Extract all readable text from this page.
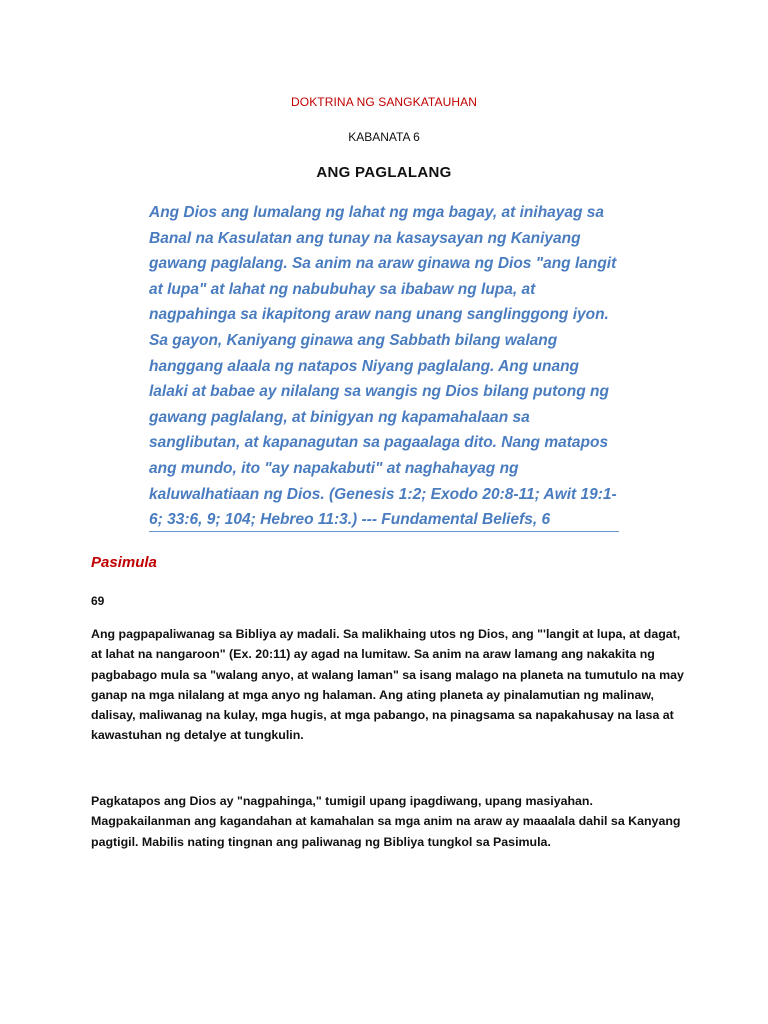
DOKTRINA NG SANGKATAUHAN
KABANATA 6
ANG PAGLALANG
Ang Dios ang lumalang ng lahat ng mga bagay, at inihayag sa Banal na Kasulatan ang tunay na kasaysayan ng Kaniyang gawang paglalang. Sa anim na araw ginawa ng Dios "ang langit at lupa" at lahat ng nabubuhay sa ibabaw ng lupa, at nagpahinga sa ikapitong araw nang unang sanglinggong iyon. Sa gayon, Kaniyang ginawa ang Sabbath bilang walang hanggang alaala ng natapos Niyang paglalang. Ang unang lalaki at babae ay nilalang sa wangis ng Dios bilang putong ng gawang paglalang, at binigyan ng kapamahalaan sa sanglibutan, at kapanagutan sa pagaalaga dito. Nang matapos ang mundo, ito "ay napakabuti" at naghahayag ng kaluwalhatiaan ng Dios. (Genesis 1:2; Exodo 20:8-11; Awit 19:1-6; 33:6, 9; 104; Hebreo 11:3.) --- Fundamental Beliefs, 6
Pasimula
69
Ang pagpapaliwanag sa Bibliya ay madali. Sa malikhaing utos ng Dios, ang "'langit at lupa, at dagat, at lahat na nangaroon" (Ex. 20:11) ay agad na lumitaw. Sa anim na araw lamang ang nakakita ng pagbabago mula sa "walang anyo, at walang laman" sa isang malago na planeta na tumutulo na may ganap na mga nilalang at mga anyo ng halaman. Ang ating planeta ay pinalamutian ng malinaw, dalisay, maliwanag na kulay, mga hugis, at mga pabango, na pinagsama sa napakahusay na lasa at kawastuhan ng detalye at tungkulin.
Pagkatapos ang Dios ay "nagpahinga," tumigil upang ipagdiwang, upang masiyahan. Magpakailanman ang kagandahan at kamahalan sa mga anim na araw ay maaalala dahil sa Kanyang pagtigil. Mabilis nating tingnan ang paliwanag ng Bibliya tungkol sa Pasimula.
